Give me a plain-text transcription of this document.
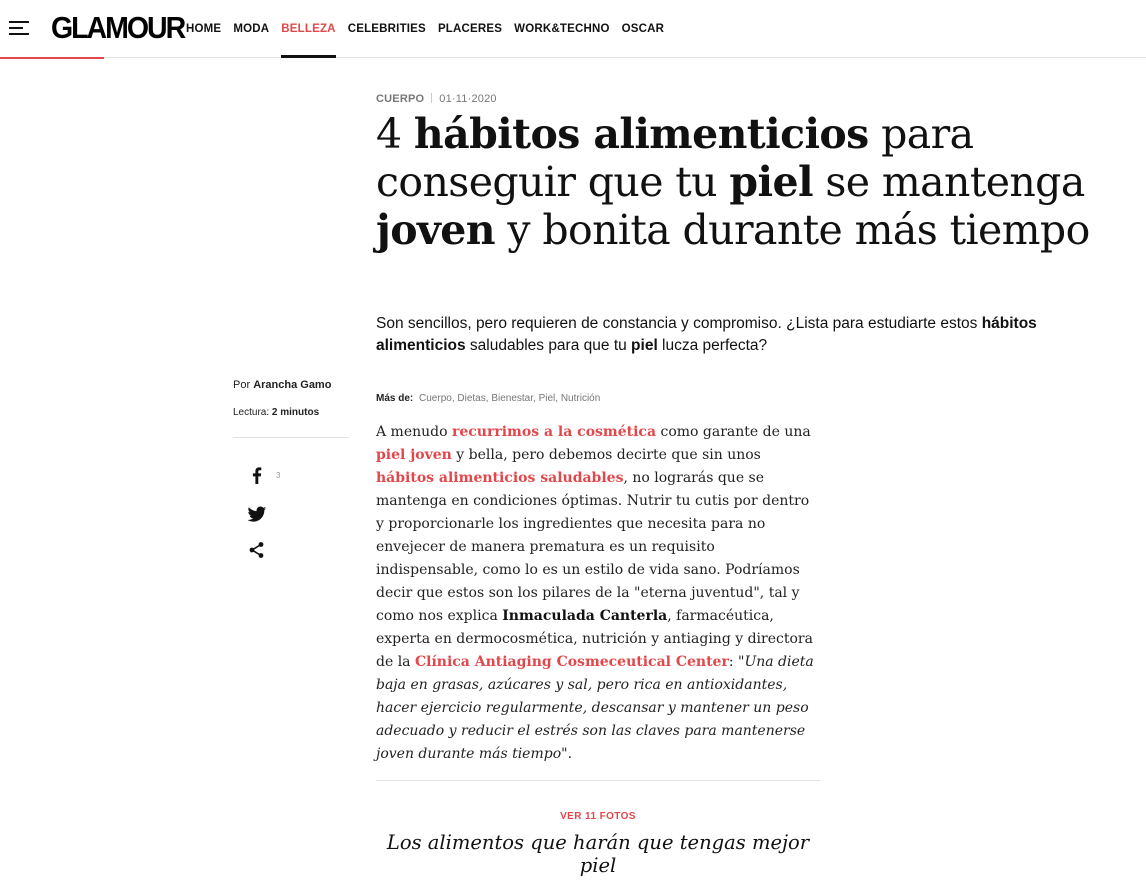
GLAMOUR HOME MODA BELLEZA CELEBRITIES PLACERES WORK&TECHNO OSCAR
CUERPO 01·11·2020
4 hábitos alimenticios para conseguir que tu piel se mantenga joven y bonita durante más tiempo

Son sencillos, pero requieren de constancia y compromiso. ¿Lista para estudiarte estos hábitos alimenticios saludables para que tu piel lucza perfecta?

Por Arancha Gamo
Lectura: 2 minutos
3
Más de: Cuerpo, Dietas, Bienestar, Piel, Nutrición
A menudo recurrimos a la cosmética como garante de una piel joven y bella, pero debemos decirte que sin unos hábitos alimenticios saludables, no lograrás que se mantenga en condiciones óptimas. Nutrir tu cutis por dentro y proporcionarle los ingredientes que necesita para no envejecer de manera prematura es un requisito indispensable, como lo es un estilo de vida sano. Podríamos decir que estos son los pilares de la "eterna juventud", tal y como nos explica Inmaculada Canterla, farmacéutica, experta en dermocosmética, nutrición y antiaging y directora de la Clínica Antiaging Cosmeceutical Center: "Una dieta baja en grasas, azúcares y sal, pero rica en antioxidantes, hacer ejercicio regularmente, descansar y mantener un peso adecuado y reducir el estrés son las claves para mantenerse joven durante más tiempo".
VER 11 FOTOS
Los alimentos que harán que tengas mejor piel
